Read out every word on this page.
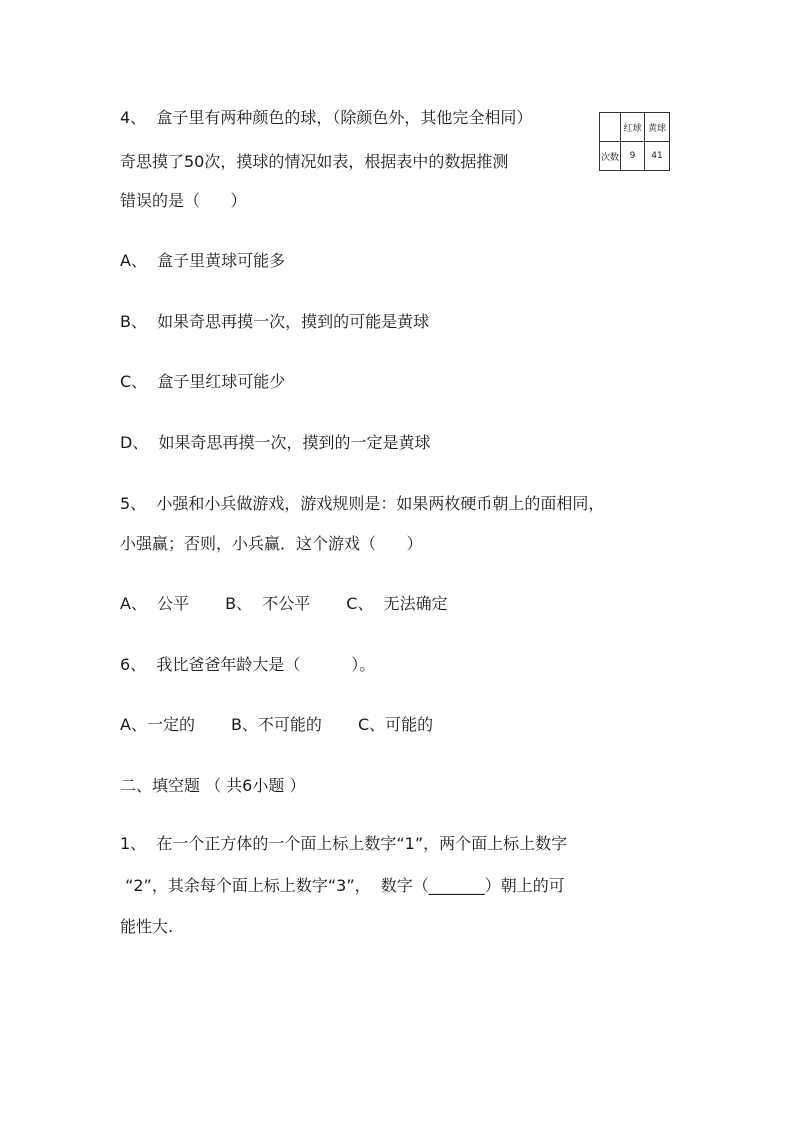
4、  盒子里有两种颜色的球，（除颜色外，其他完全相同）
奇思摸了50次，摸球的情况如表，根据表中的数据推测
错误的是（      ）
	红球	黄球
次数	9	41
A、  盒子里黄球可能多
B、  如果奇思再摸一次，摸到的可能是黄球
C、  盒子里红球可能少
D、  如果奇思再摸一次，摸到的一定是黄球
5、  小强和小兵做游戏，游戏规则是：如果两枚硬币朝上的面相同，
小强赢；否则，小兵赢．这个游戏（      ）
A、  公平 B、  不公平 C、  无法确定
6、  我比爸爸年龄大是（          ）。
A、一定的 B、不可能的 C、可能的
二、填空题 （ 共6小题 ）
1、  在一个正方体的一个面上标上数字“1”，两个面上标上数字
“2”，其余每个面上标上数字“3”，  数字（_______）朝上的可
能性大.
